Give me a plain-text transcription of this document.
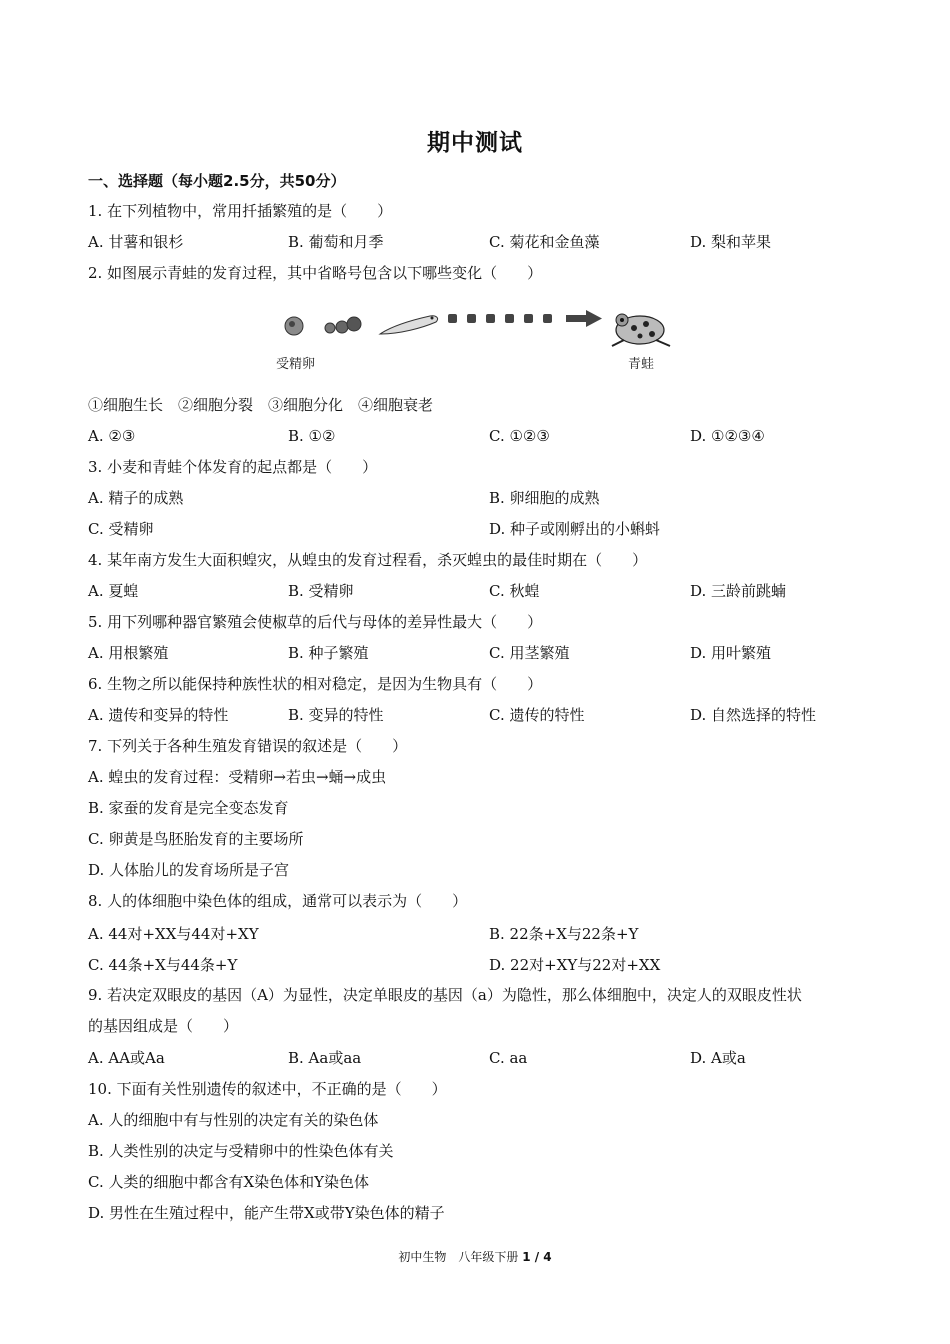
期中测试
一、选择题（每小题2.5分，共50分）
1. 在下列植物中，常用扦插繁殖的是（　　）
A. 甘薯和银杉	B. 葡萄和月季	C. 菊花和金鱼藻	D. 梨和苹果
2. 如图展示青蛙的发育过程，其中省略号包含以下哪些变化（　　）
受精卵	青蛙
①细胞生长　②细胞分裂　③细胞分化　④细胞衰老
A. ②③	B. ①②	C. ①②③	D. ①②③④
3. 小麦和青蛙个体发育的起点都是（　　）
A. 精子的成熟	B. 卵细胞的成熟
C. 受精卵	D. 种子或刚孵出的小蝌蚪
4. 某年南方发生大面积蝗灾，从蝗虫的发育过程看，杀灭蝗虫的最佳时期在（　　）
A. 夏蝗	B. 受精卵	C. 秋蝗	D. 三龄前跳蝻
5. 用下列哪种器官繁殖会使椒草的后代与母体的差异性最大（　　）
A. 用根繁殖	B. 种子繁殖	C. 用茎繁殖	D. 用叶繁殖
6. 生物之所以能保持种族性状的相对稳定，是因为生物具有（　　）
A. 遗传和变异的特性	B. 变异的特性	C. 遗传的特性	D. 自然选择的特性
7. 下列关于各种生殖发育错误的叙述是（　　）
A. 蝗虫的发育过程：受精卵→若虫→蛹→成虫
B. 家蚕的发育是完全变态发育
C. 卵黄是鸟胚胎发育的主要场所
D. 人体胎儿的发育场所是子宫
8. 人的体细胞中染色体的组成，通常可以表示为（　　）
A. 44对+XX与44对+XY	B. 22条+X与22条+Y
C. 44条+X与44条+Y	D. 22对+XY与22对+XX
9. 若决定双眼皮的基因（A）为显性，决定单眼皮的基因（a）为隐性，那么体细胞中，决定人的双眼皮性状
的基因组成是（　　）
A. AA或Aa	B. Aa或aa	C. aa	D. A或a
10. 下面有关性别遗传的叙述中，不正确的是（　　）
A. 人的细胞中有与性别的决定有关的染色体
B. 人类性别的决定与受精卵中的性染色体有关
C. 人类的细胞中都含有X染色体和Y染色体
D. 男性在生殖过程中，能产生带X或带Y染色体的精子
初中生物　八年级下册 1 / 4
